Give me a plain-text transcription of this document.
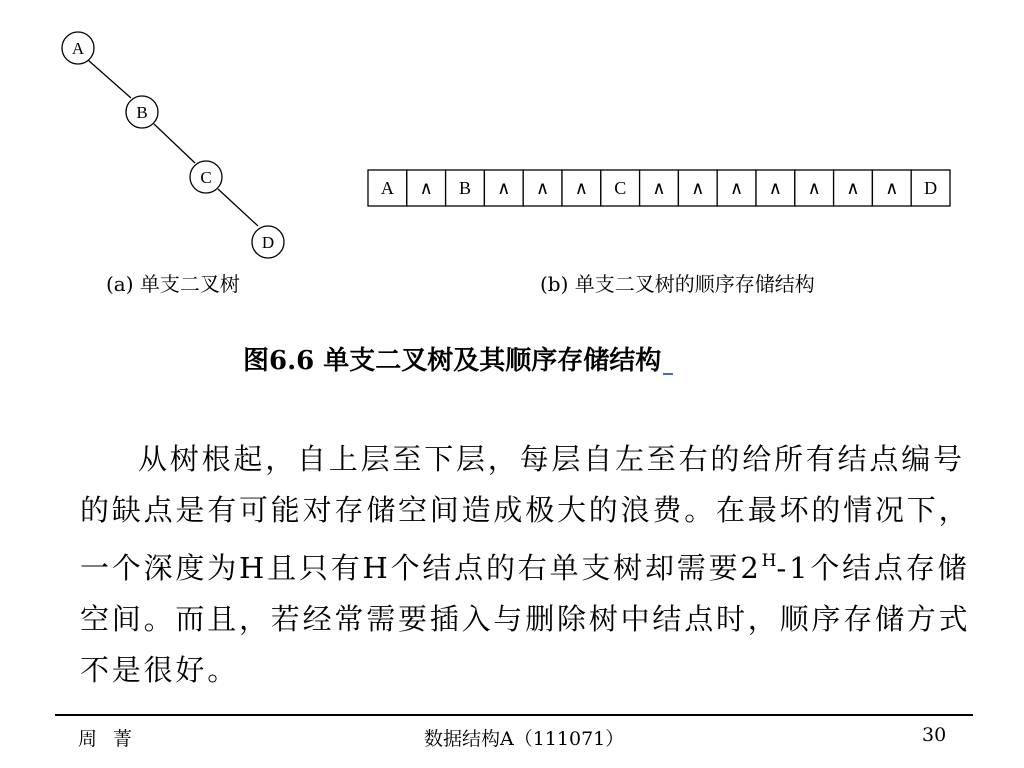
A
B
C
D
A ∧ B ∧ ∧ ∧ C ∧ ∧ ∧ ∧ ∧ ∧ ∧ D
(a) 单支二叉树	(b) 单支二叉树的顺序存储结构
图6.6 单支二叉树及其顺序存储结构

从树根起，自上层至下层，每层自左至右的给所有结点编号的缺点是有可能对存储空间造成极大的浪费。在最坏的情况下，一个深度为H且只有H个结点的右单支树却需要$2^H-1$个结点存储空间。而且，若经常需要插入与删除树中结点时，顺序存储方式不是很好。

周 菁	数据结构A（111071）	30
